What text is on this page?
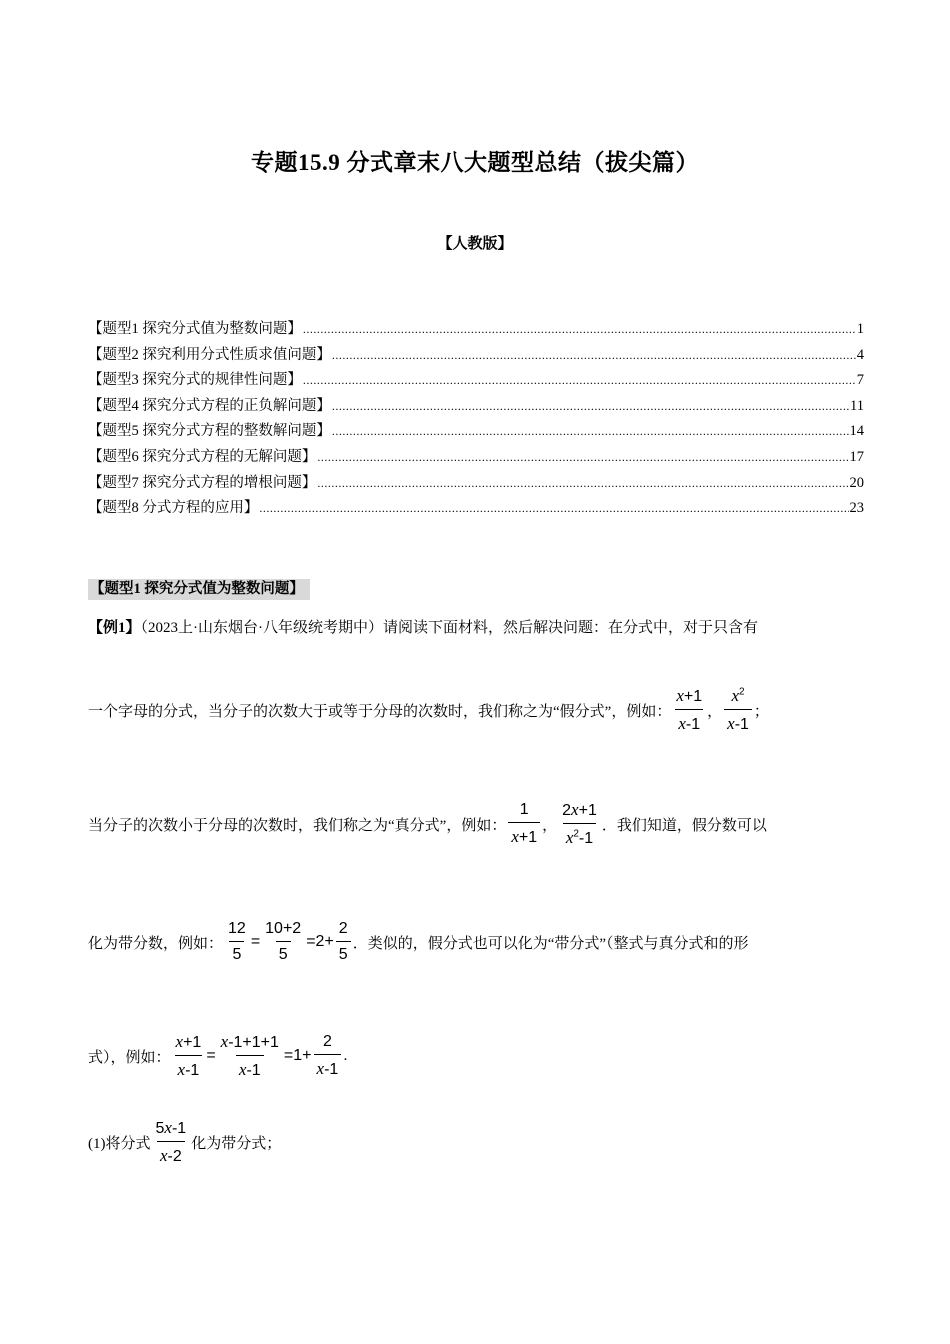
专题15.9 分式章末八大题型总结（拔尖篇）
【人教版】
【题型1 探究分式值为整数问题】 .....	1
【题型2 探究利用分式性质求值问题】 .....	4
【题型3 探究分式的规律性问题】 .....	7
【题型4 探究分式方程的正负解问题】 .....	11
【题型5 探究分式方程的整数解问题】 .....	14
【题型6 探究分式方程的无解问题】 .....	17
【题型7 探究分式方程的增根问题】 .....	20
【题型8 分式方程的应用】 .....	23
【题型1 探究分式值为整数问题】
【例1】（2023上·山东烟台·八年级统考期中）请阅读下面材料，然后解决问题：在分式中，对于只含有
一个字母的分式，当分子的次数大于或等于分母的次数时，我们称之为“假分式”，例如： $\frac{x+1}{x-1}$ ， $\frac{x^2}{x-1}$ ；
当分子的次数小于分母的次数时，我们称之为“真分式”，例如： $\frac{1}{x+1}$ ， $\frac{2x+1}{x^2-1}$ ．我们知道，假分数可以
化为带分数，例如： $\frac{12}{5} = \frac{10+2}{5} =2+ \frac{2}{5}$ ．类似的，假分式也可以化为“带分式”（整式与真分式和的形
式），例如： $\frac{x+1}{x-1} = \frac{x-1+1+1}{x-1} =1+ \frac{2}{x-1}$ .
(1)将分式 $\frac{5x-1}{x-2}$ 化为带分式；
